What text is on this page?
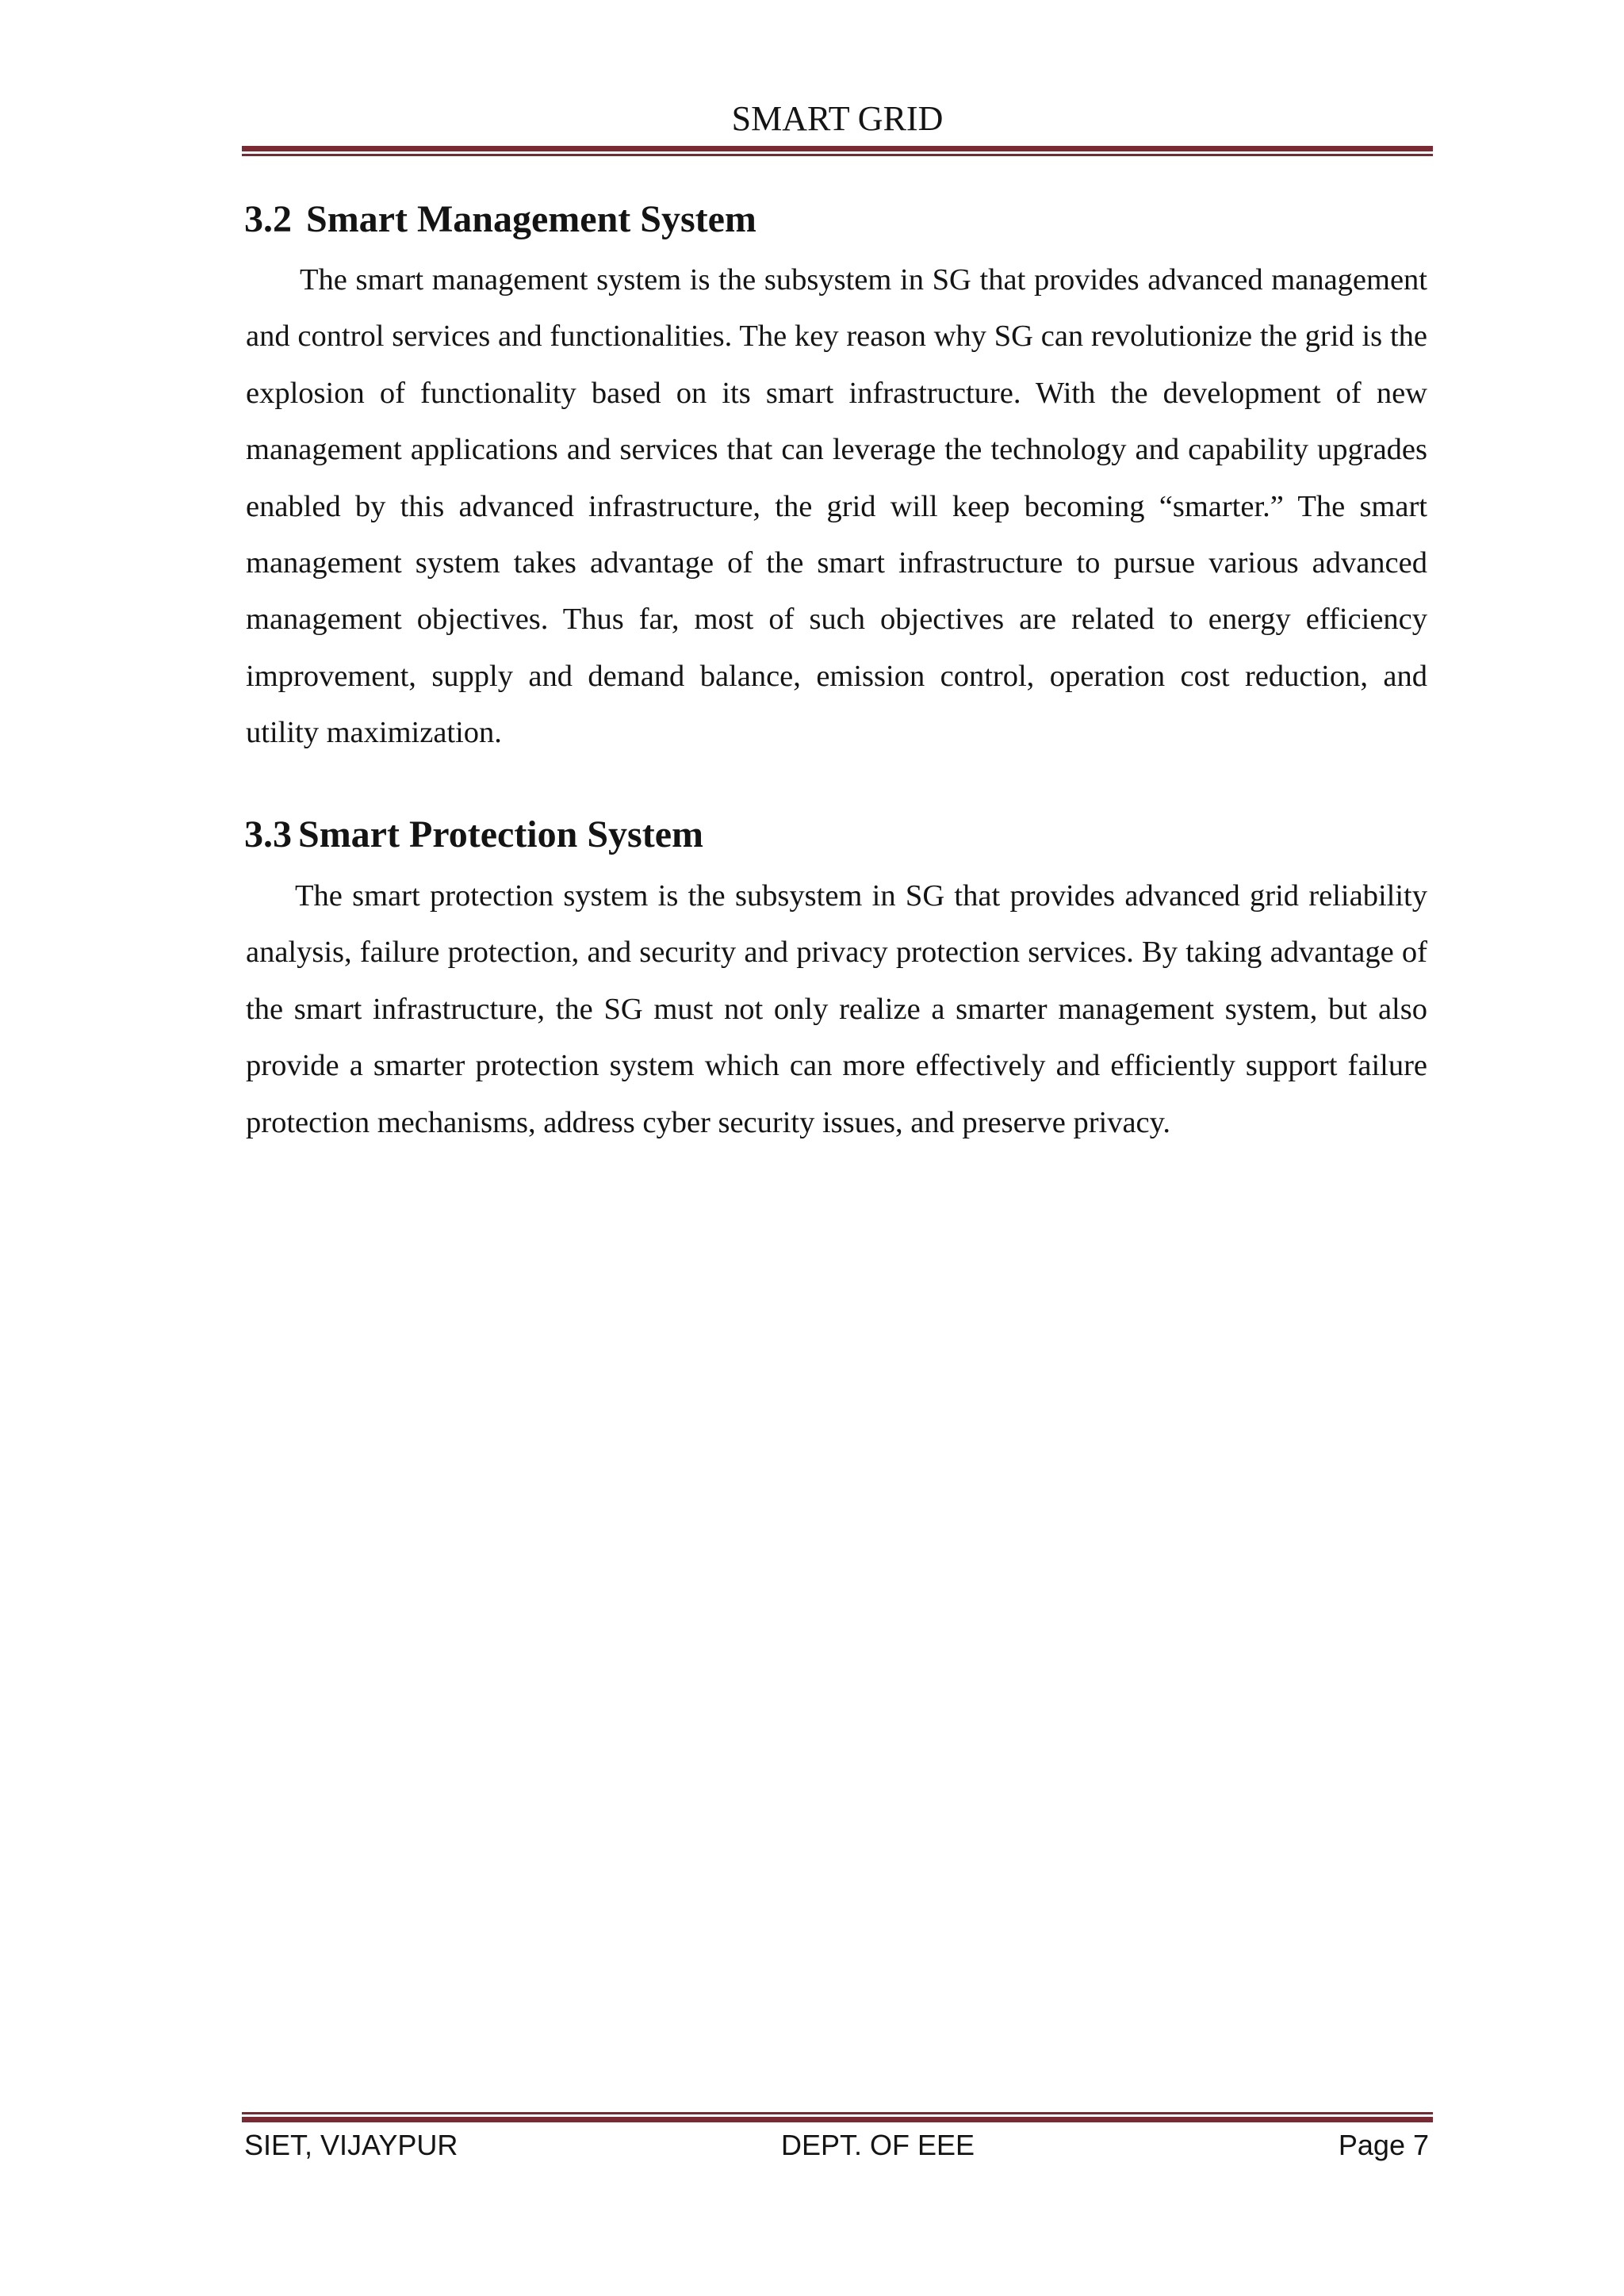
SMART GRID
3.2 Smart Management System

The smart management system is the subsystem in SG that provides advanced management and control services and functionalities. The key reason why SG can revolutionize the grid is the explosion of functionality based on its smart infrastructure. With the development of new management applications and services that can leverage the technology and capability upgrades enabled by this advanced infrastructure, the grid will keep becoming “smarter.” The smart management system takes advantage of the smart infrastructure to pursue various advanced management objectives. Thus far, most of such objectives are related to energy efficiency improvement, supply and demand balance, emission control, operation cost reduction, and utility maximization.

3.3 Smart Protection System

The smart protection system is the subsystem in SG that provides advanced grid reliability analysis, failure protection, and security and privacy protection services. By taking advantage of the smart infrastructure, the SG must not only realize a smarter management system, but also provide a smarter protection system which can more effectively and efficiently support failure protection mechanisms, address cyber security issues, and preserve privacy.

SIET, VIJAYPUR	DEPT. OF EEE	Page 7
